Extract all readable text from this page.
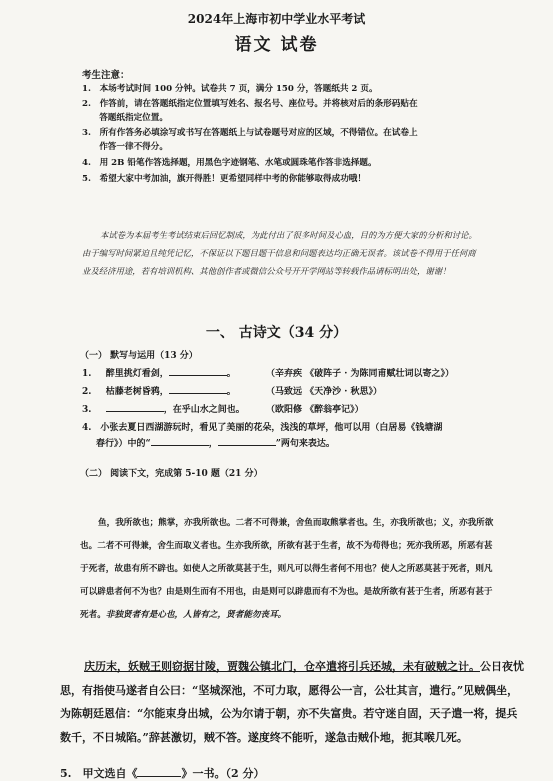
2024年上海市初中学业水平考试
语文 试卷
考生注意：
1.　本场考试时间 100 分钟。试卷共 7 页，满分 150 分，答题纸共 2 页。
2.　作答前，请在答题纸指定位置填写姓名、报名号、座位号。并将核对后的条形码贴在
　　答题纸指定位置。
3.　所有作答务必填涂写或书写在答题纸上与试卷题号对应的区域，不得错位。在试卷上
　　作答一律不得分。
4.　用 2B 铅笔作答选择题，用黑色字迹钢笔、水笔或圆珠笔作答非选择题。
5.　希望大家中考加油，旗开得胜！更希望同样中考的你能够取得成功哦！
本试卷为本届考生考试结束后回忆制成，为此付出了很多时间及心血，目的为方便大家的分析和讨论。由于编写时间紧迫且纯凭记忆，不保证以下题目题干信息和问题表达均正确无误者。该试卷不得用于任何商业及经济用途，若有培训机构、其他创作者或微信公众号开开学网站等转载作品请标明出处，谢谢！
一、 古诗文（34 分）
（一） 默写与运用（13 分）
1. 醉里挑灯看剑，	。	（辛弃疾 《破阵子 · 为陈同甫赋壮词以寄之》）
2. 枯藤老树昏鸦，	。	（马致远 《天净沙 · 秋思》）
3.	，在乎山水之间也。 （欧阳修 《醉翁亭记》）
4.　小张去夏日西湖游玩时，看见了美丽的花朵，浅浅的草坪，他可以用（白居易《钱塘湖
春行》）中的“	，	”两句来表达。
（二） 阅读下文，完成第 5-10 题（21 分）
鱼，我所欲也；熊掌，亦我所欲也。二者不可得兼，舍鱼而取熊掌者也。生，亦我所欲也；义，亦我所欲也。二者不可得兼，舍生而取义者也。生亦我所欲，所欲有甚于生者，故不为苟得也；死亦我所恶，所恶有甚于死者，故患有所不辟也。如使人之所欲莫甚于生，则凡可以得生者何不用也？使人之所恶莫甚于死者，则凡可以辟患者何不为也？由是则生而有不用也，由是则可以辟患而有不为也。是故所欲有甚于生者，所恶有甚于死者。非独贤者有是心也，人皆有之，贤者能勿丧耳。
庆历末，妖贼王则窃据甘陵，贾魏公镇北门，仓卒遣将引兵还城，未有破贼之计。公日夜忧思，有指使马遂者自公曰：“坚城深池，不可力取，愿得公一言，公壮其言，遣行。”见贼偶坐，为陈朝廷恩信：“尔能束身出城，公为尔请于朝，亦不失富贵。若守迷自固，天子遣一将，提兵数千，不日城陷。”辞甚激切，贼不答。遂度终不能听，遂急击贼仆地，扼其喉几死。
5.　甲文选自《	》一书。（2 分）
